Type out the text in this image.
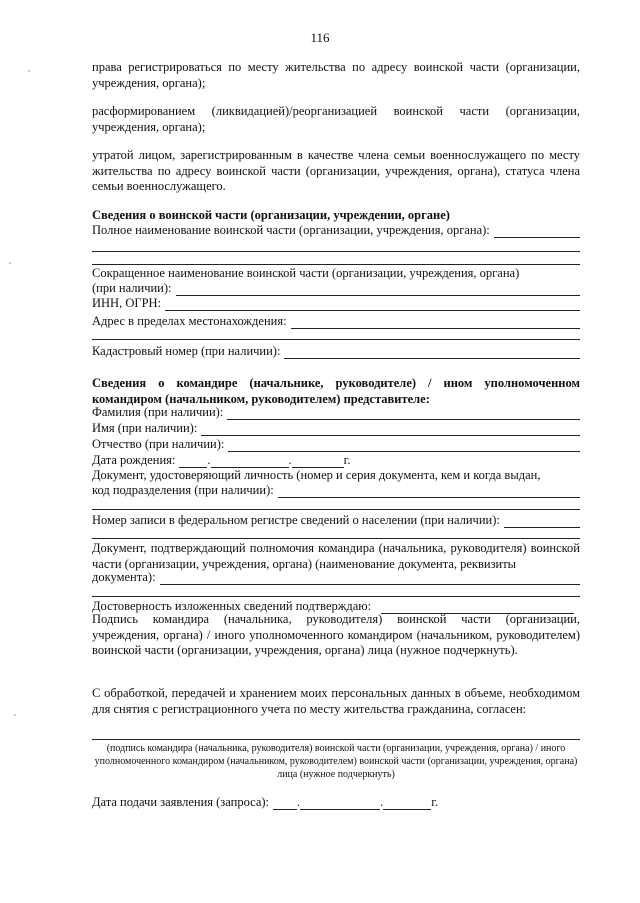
116

права регистрироваться по месту жительства по адресу воинской части (организации, учреждения, органа);

расформированием (ликвидацией)/реорганизацией воинской части (организации, учреждения, органа);

утратой лицом, зарегистрированным в качестве члена семьи военнослужащего по месту жительства по адресу воинской части (организации, учреждения, органа), статуса члена семьи военнослужащего.

Сведения о воинской части (организации, учреждении, органе)

Полное наименование воинской части (организации, учреждения, органа):

Сокращенное наименование воинской части (организации, учреждения, органа)

(при наличии):
ИНН, ОГРН:
Адрес в пределах местонахождения:
Кадастровый номер (при наличии):

Сведения о командире (начальнике, руководителе) / ином уполномоченном командиром (начальником, руководителем) представителе:

Фамилия (при наличии):
Имя (при наличии):
Отчество (при наличии):
Дата рождения:	.	.	г.

Документ, удостоверяющий личность (номер и серия документа, кем и когда выдан,

код подразделения (при наличии):
Номер записи в федеральном регистре сведений о населении (при наличии):

Документ, подтверждающий полномочия командира (начальника, руководителя) воинской части (организации, учреждения, органа) (наименование документа, реквизиты

документа):
Достоверность изложенных сведений подтверждаю:

Подпись командира (начальника, руководителя) воинской части (организации, учреждения, органа) / иного уполномоченного командиром (начальником, руководителем) воинской части (организации, учреждения, органа) лица (нужное подчеркнуть).

С обработкой, передачей и хранением моих персональных данных в объеме, необходимом для снятия с регистрационного учета по месту жительства гражданина, согласен:

(подпись командира (начальника, руководителя) воинской части (организации, учреждения, органа) / иного уполномоченного командиром (начальником, руководителем) воинской части (организации, учреждения, органа) лица (нужное подчеркнуть)
Дата подачи заявления (запроса): .	.	г.
